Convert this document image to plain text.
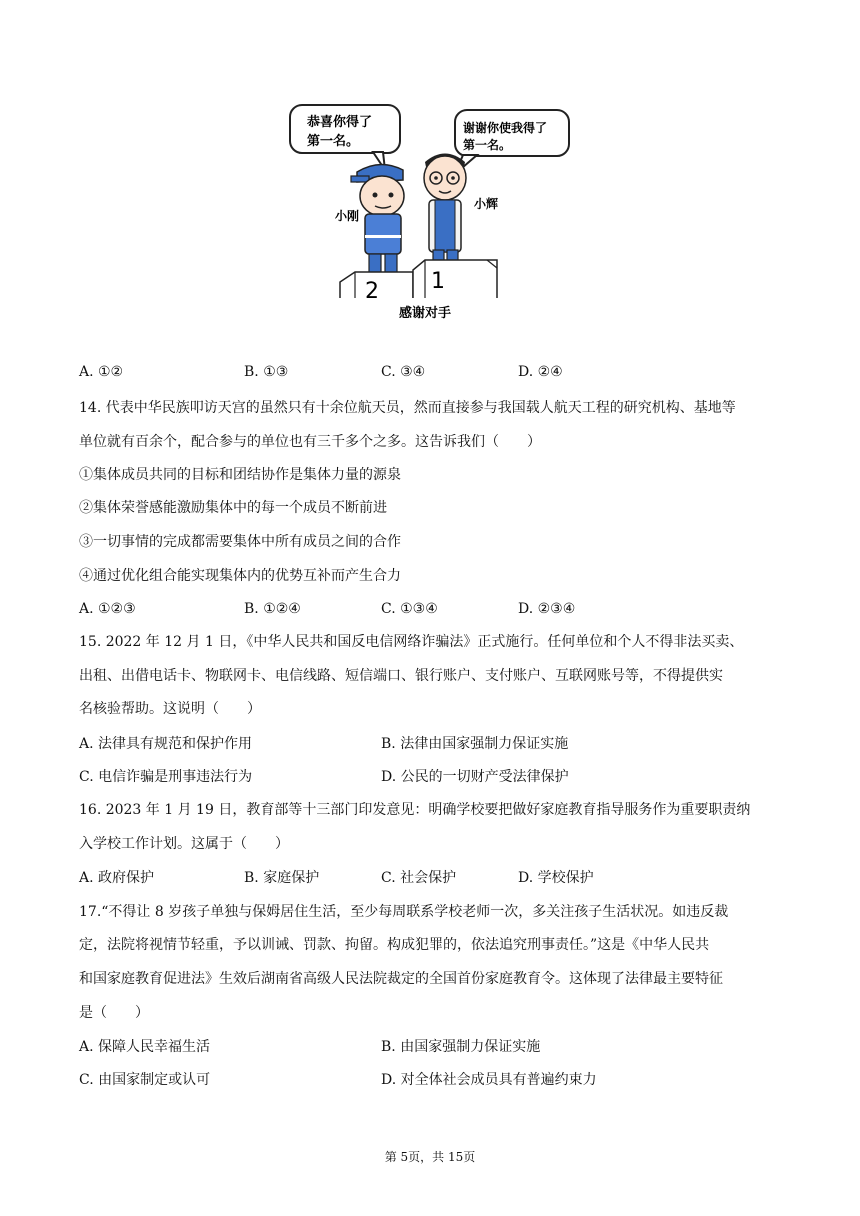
恭喜你得了
第一名。
谢谢你使我得了
第一名。
小刚
小辉
2 1
感谢对手
A. ①②	B. ①③	C. ③④	D. ②④
14. 代表中华民族叩访天宫的虽然只有十余位航天员，然而直接参与我国载人航天工程的研究机构、基地等
单位就有百余个，配合参与的单位也有三千多个之多。这告诉我们（　　）
①集体成员共同的目标和团结协作是集体力量的源泉
②集体荣誉感能激励集体中的每一个成员不断前进
③一切事情的完成都需要集体中所有成员之间的合作
④通过优化组合能实现集体内的优势互补而产生合力
A. ①②③	B. ①②④	C. ①③④	D. ②③④
15. 2022 年 12 月 1 日，《中华人民共和国反电信网络诈骗法》正式施行。任何单位和个人不得非法买卖、
出租、出借电话卡、物联网卡、电信线路、短信端口、银行账户、支付账户、互联网账号等，不得提供实
名核验帮助。这说明（　　）
A. 法律具有规范和保护作用	B. 法律由国家强制力保证实施
C. 电信诈骗是刑事违法行为	D. 公民的一切财产受法律保护
16. 2023 年 1 月 19 日，教育部等十三部门印发意见：明确学校要把做好家庭教育指导服务作为重要职责纳
入学校工作计划。这属于（　　）
A. 政府保护	B. 家庭保护	C. 社会保护	D. 学校保护
17.“不得让 8 岁孩子单独与保姆居住生活，至少每周联系学校老师一次，多关注孩子生活状况。如违反裁
定，法院将视情节轻重，予以训诫、罚款、拘留。构成犯罪的，依法追究刑事责任。”这是《中华人民共
和国家庭教育促进法》生效后湖南省高级人民法院裁定的全国首份家庭教育令。这体现了法律最主要特征
是（　　）
A. 保障人民幸福生活	B. 由国家强制力保证实施
C. 由国家制定或认可	D. 对全体社会成员具有普遍约束力
第 5页，共 15页
